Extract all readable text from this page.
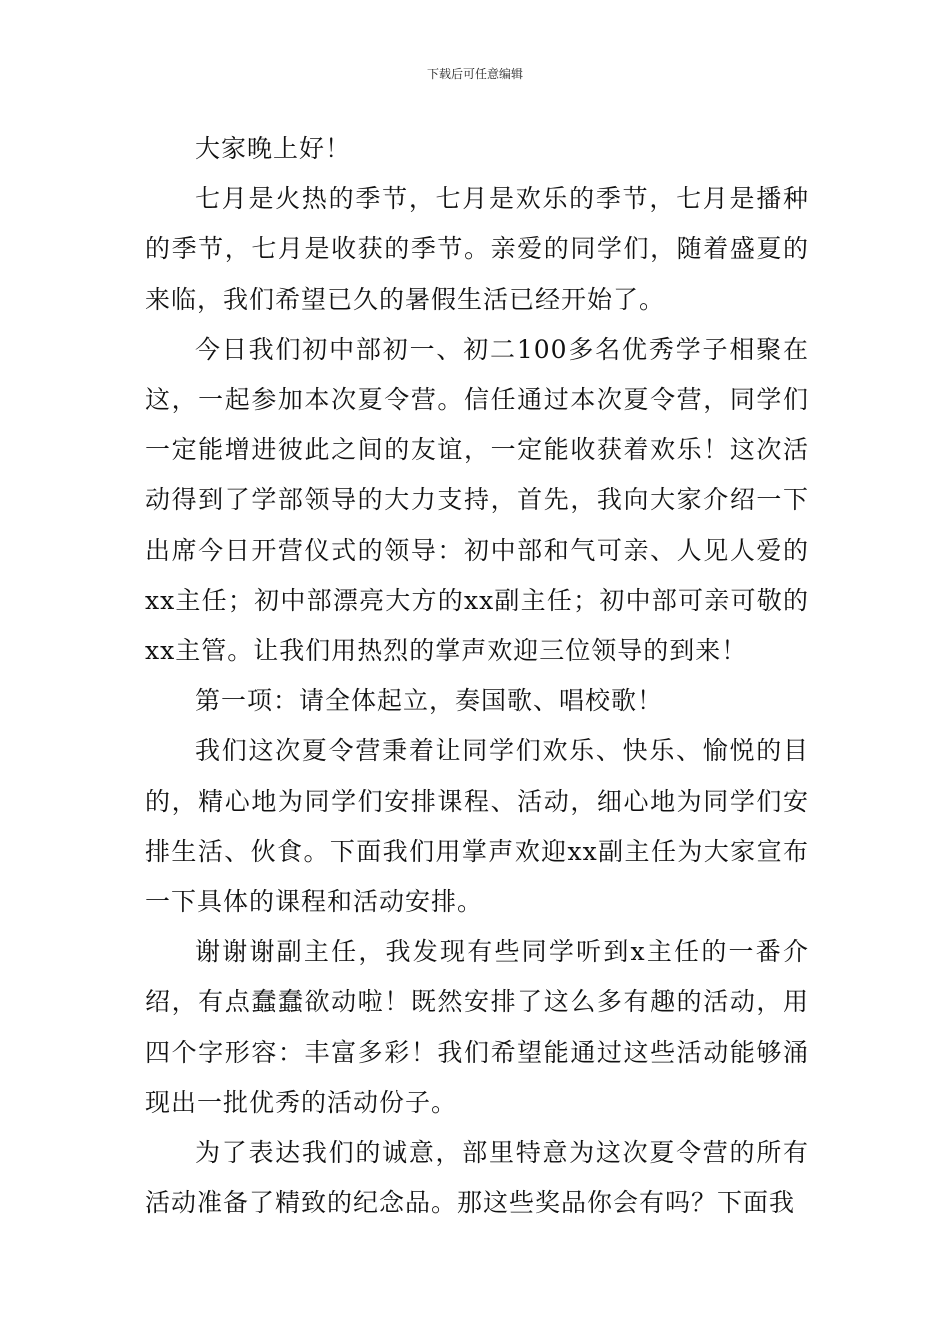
下载后可任意编辑

大家晚上好！

七月是火热的季节，七月是欢乐的季节，七月是播种的季节，七月是收获的季节。亲爱的同学们，随着盛夏的来临，我们希望已久的暑假生活已经开始了。

今日我们初中部初一、初二100多名优秀学子相聚在这，一起参加本次夏令营。信任通过本次夏令营，同学们一定能增进彼此之间的友谊，一定能收获着欢乐！这次活动得到了学部领导的大力支持，首先，我向大家介绍一下出席今日开营仪式的领导：初中部和气可亲、人见人爱的xx主任；初中部漂亮大方的xx副主任；初中部可亲可敬的xx主管。让我们用热烈的掌声欢迎三位领导的到来！

第一项：请全体起立，奏国歌、唱校歌！

我们这次夏令营秉着让同学们欢乐、快乐、愉悦的目的，精心地为同学们安排课程、活动，细心地为同学们安排生活、伙食。下面我们用掌声欢迎xx副主任为大家宣布一下具体的课程和活动安排。

谢谢谢副主任，我发现有些同学听到x主任的一番介绍，有点蠢蠢欲动啦！既然安排了这么多有趣的活动，用四个字形容：丰富多彩！我们希望能通过这些活动能够涌现出一批优秀的活动份子。

为了表达我们的诚意，部里特意为这次夏令营的所有活动准备了精致的纪念品。那这些奖品你会有吗？下面我
